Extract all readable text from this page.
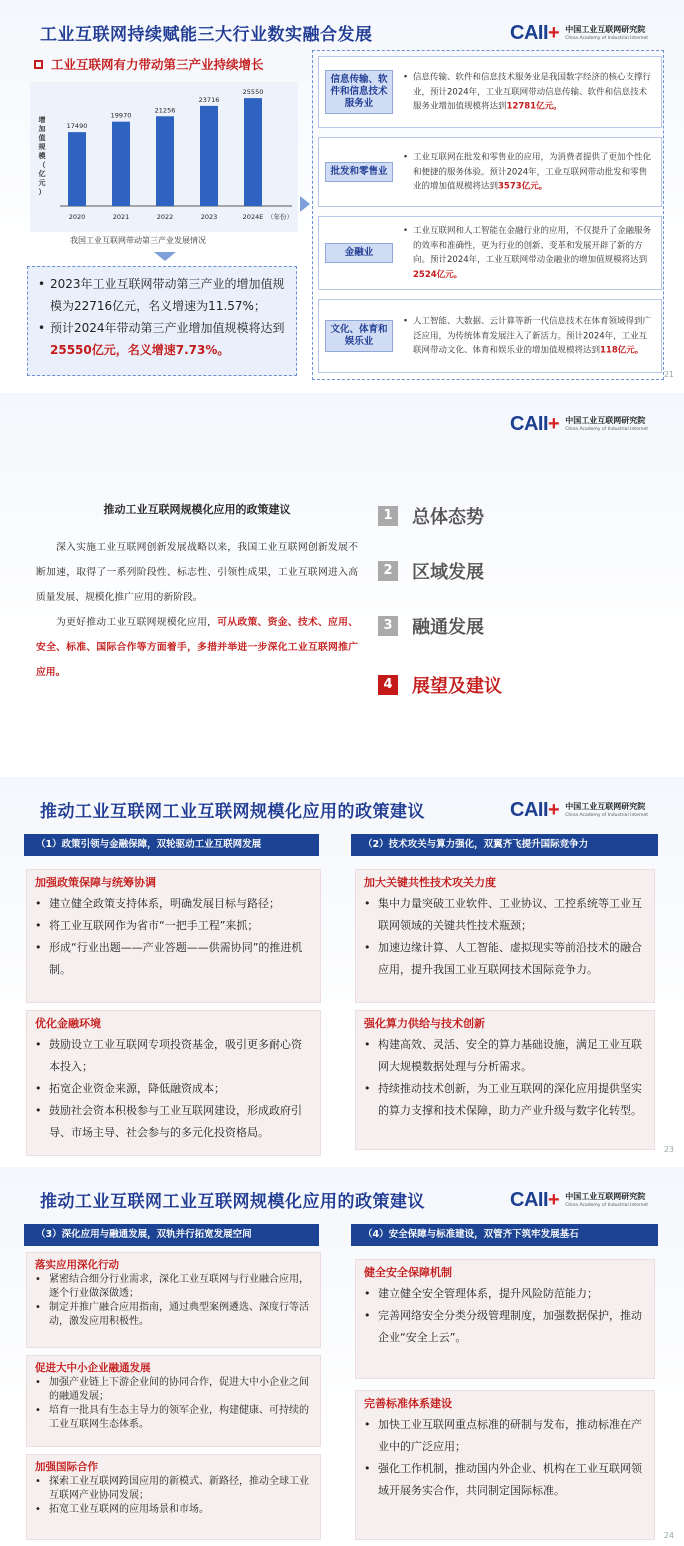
工业互联网持续赋能三大行业数实融合发展	CAII+ 中国工业互联网研究院
China Academy of Industrial Internet
工业互联网有力带动第三产业持续增长
增
加
值
规
模
（
亿
元
）
17490
2020
19970
2021
21256
2022
23716
2023
25550
2024E （年份）
我国工业互联网带动第三产业发展情况
• 2023年工业互联网带动第三产业的增加值规模为22716亿元，名义增速为11.57%；
• 预计2024年带动第三产业增加值规模将达到25550亿元，名义增速7.73%。
信息传输、软件和信息技术服务业
• 信息传输、软件和信息技术服务业是我国数字经济的核心支撑行业，预计2024年，工业互联网带动信息传输、软件和信息技术服务业增加值规模将达到12781亿元。
批发和零售业
• 工业互联网在批发和零售业的应用，为消费者提供了更加个性化和便捷的服务体验。预计2024年，工业互联网带动批发和零售业的增加值规模将达到3573亿元。
金融业
• 工业互联网和人工智能在金融行业的应用，不仅提升了金融服务的效率和准确性，更为行业的创新、变革和发展开辟了新的方向。预计2024年，工业互联网带动金融业的增加值规模将达到2524亿元。
文化、体育和娱乐业
• 人工智能、大数据、云计算等新一代信息技术在体育领域得到广泛应用，为传统体育发展注入了新活力。预计2024年，工业互联网带动文化、体育和娱乐业的增加值规模将达到118亿元。
21
CAII+ 中国工业互联网研究院
China Academy of Industrial Internet
推动工业互联网规模化应用的政策建议

深入实施工业互联网创新发展战略以来，我国工业互联网创新发展不断加速，取得了一系列阶段性、标志性、引领性成果，工业互联网进入高质量发展、规模化推广应用的新阶段。

为更好推动工业互联网规模化应用，可从政策、资金、技术、应用、安全、标准、国际合作等方面着手，多措并举进一步深化工业互联网推广应用。

1	总体态势
2	区域发展
3	融通发展
4	展望及建议
推动工业互联网工业互联网规模化应用的政策建议	CAII+ 中国工业互联网研究院
China Academy of Industrial Internet
（1）政策引领与金融保障，双轮驱动工业互联网发展	（2）技术攻关与算力强化，双翼齐飞提升国际竞争力
加强政策保障与统筹协调
• 建立健全政策支持体系，明确发展目标与路径；
• 将工业互联网作为省市“一把手工程”来抓；
• 形成“行业出题——产业答题——供需协同”的推进机制。
优化金融环境
• 鼓励设立工业互联网专项投资基金，吸引更多耐心资本投入；
• 拓宽企业资金来源，降低融资成本；
• 鼓励社会资本积极参与工业互联网建设，形成政府引导、市场主导、社会参与的多元化投资格局。
加大关键共性技术攻关力度
• 集中力量突破工业软件、工业协议、工控系统等工业互联网领域的关键共性技术瓶颈；
• 加速边缘计算、人工智能、虚拟现实等前沿技术的融合应用，提升我国工业互联网技术国际竞争力。
强化算力供给与技术创新
• 构建高效、灵活、安全的算力基础设施，满足工业互联网大规模数据处理与分析需求。
• 持续推动技术创新，为工业互联网的深化应用提供坚实的算力支撑和技术保障，助力产业升级与数字化转型。
23
推动工业互联网工业互联网规模化应用的政策建议	CAII+ 中国工业互联网研究院
China Academy of Industrial Internet
（3）深化应用与融通发展，双轨并行拓宽发展空间	（4）安全保障与标准建设，双管齐下筑牢发展基石
落实应用深化行动
• 紧密结合细分行业需求，深化工业互联网与行业融合应用，逐个行业做深做透；
• 制定并推广融合应用指南，通过典型案例遴选、深度行等活动，激发应用积极性。
促进大中小企业融通发展
• 加强产业链上下游企业间的协同合作，促进大中小企业之间的融通发展；
• 培育一批具有生态主导力的领军企业，构建健康、可持续的工业互联网生态体系。
加强国际合作
• 探索工业互联网跨国应用的新模式、新路径，推动全球工业互联网产业协同发展；
• 拓宽工业互联网的应用场景和市场。
健全安全保障机制
• 建立健全安全管理体系，提升风险防范能力；
• 完善网络安全分类分级管理制度，加强数据保护，推动企业“安全上云”。
完善标准体系建设
• 加快工业互联网重点标准的研制与发布，推动标准在产业中的广泛应用；
• 强化工作机制，推动国内外企业、机构在工业互联网领域开展务实合作，共同制定国际标准。
24
